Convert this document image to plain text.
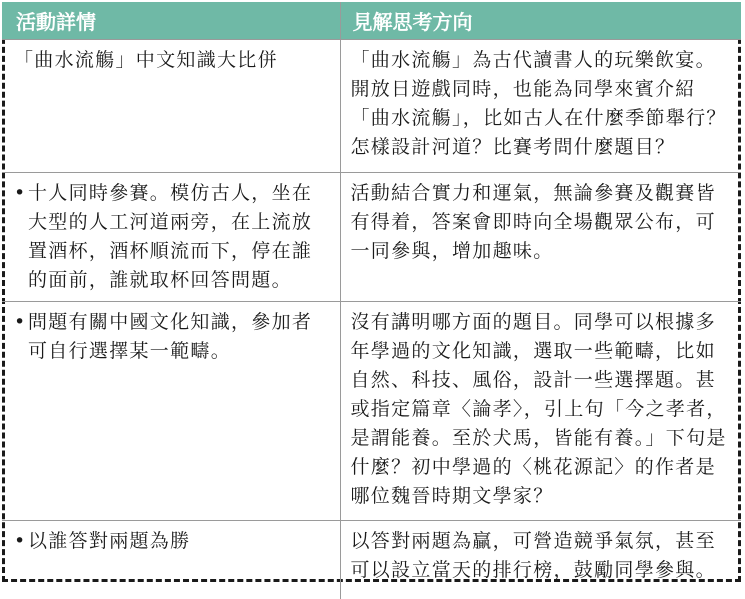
活動詳情	見解思考方向

「曲水流觴」中文知識大比併	「曲水流觴」為古代讀書人的玩樂飲宴。開放日遊戲同時，也能為同學來賓介紹「曲水流觴」，比如古人在什麼季節舉行？怎樣設計河道？比賽考問什麼題目？

• 十人同時參賽。模仿古人，坐在大型的人工河道兩旁，在上流放置酒杯，酒杯順流而下，停在誰的面前，誰就取杯回答問題。	活動結合實力和運氣，無論參賽及觀賽皆有得着，答案會即時向全場觀眾公布，可一同參與，增加趣味。

• 問題有關中國文化知識，參加者可自行選擇某一範疇。	沒有講明哪方面的題目。同學可以根據多年學過的文化知識，選取一些範疇，比如自然、科技、風俗，設計一些選擇題。甚或指定篇章〈論孝〉，引上句「今之孝者，是謂能養。至於犬馬，皆能有養。」下句是什麼？初中學過的〈桃花源記〉的作者是哪位魏晉時期文學家？

• 以誰答對兩題為勝	以答對兩題為贏，可營造競爭氣氛，甚至可以設立當天的排行榜，鼓勵同學參與。
